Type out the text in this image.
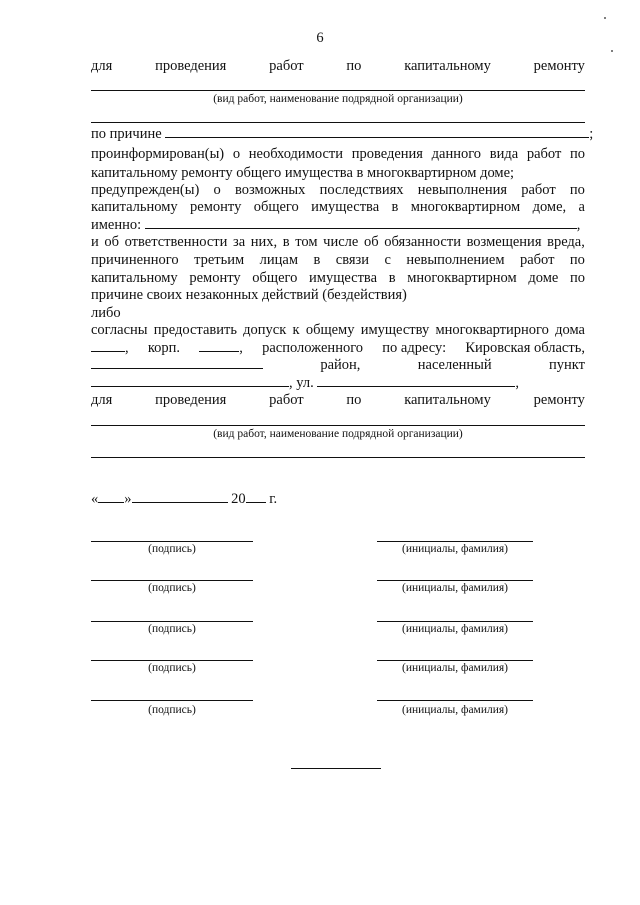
6
для	проведения	работ	по	капитальному	ремонту
(вид работ, наименование подрядной организации)
по причине	;
проинформирован(ы) о необходимости проведения данного вида работ по
капитальному ремонту общего имущества в многоквартирном доме;
предупрежден(ы) о возможных последствиях невыполнения работ по
капитальному ремонту общего имущества в многоквартирном доме, а
именно:	,
и об ответственности за них, в том числе об обязанности возмещения вреда,
причиненного третьим лицам в связи с невыполнением работ по
капитальному ремонту общего имущества в многоквартирном доме по
причине своих незаконных действий (бездействия)
либо
согласны предоставить допуск к общему имуществу многоквартирного дома
, корп.	, расположенного по адресу: Кировская область,
район,	населенный	пункт
, ул.	,
для	проведения	работ	по	капитальному	ремонту
(вид работ, наименование подрядной организации)
« »	20 г.
(подпись)	(инициалы, фамилия)
(подпись)	(инициалы, фамилия)
(подпись)	(инициалы, фамилия)
(подпись)	(инициалы, фамилия)
(подпись)	(инициалы, фамилия)
